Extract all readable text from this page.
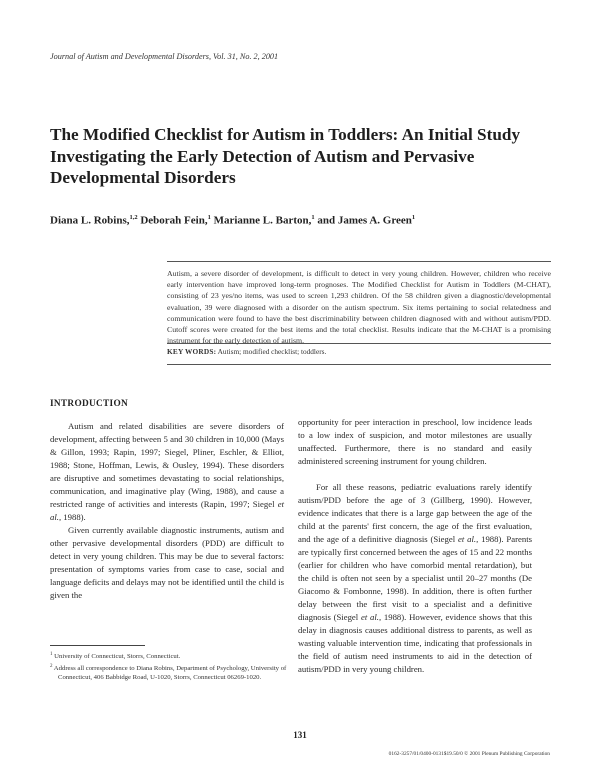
Journal of Autism and Developmental Disorders, Vol. 31, No. 2, 2001
The Modified Checklist for Autism in Toddlers: An Initial Study Investigating the Early Detection of Autism and Pervasive Developmental Disorders

Diana L. Robins,$^{1,2}$ Deborah Fein,$^1$ Marianne L. Barton,$^1$ and James A. Green$^1$

Autism, a severe disorder of development, is difficult to detect in very young children. However, children who receive early intervention have improved long-term prognoses. The Modified Checklist for Autism in Toddlers (M-CHAT), consisting of 23 yes/no items, was used to screen 1,293 children. Of the 58 children given a diagnostic/developmental evaluation, 39 were diagnosed with a disorder on the autism spectrum. Six items pertaining to social relatedness and communication were found to have the best discriminability between children diagnosed with and without autism/PDD. Cutoff scores were created for the best items and the total checklist. Results indicate that the M-CHAT is a promising instrument for the early detection of autism.

KEY WORDS: Autism; modified checklist; toddlers.
INTRODUCTION

Autism and related disabilities are severe disorders of development, affecting between 5 and 30 children in 10,000 (Mays & Gillon, 1993; Rapin, 1997; Siegel, Pliner, Eschler, & Elliot, 1988; Stone, Hoffman, Lewis, & Ousley, 1994). These disorders are disruptive and sometimes devastating to social relationships, communication, and imaginative play (Wing, 1988), and cause a restricted range of activities and interests (Rapin, 1997; Siegel et al., 1988).

Given currently available diagnostic instruments, autism and other pervasive developmental disorders (PDD) are difficult to detect in very young children. This may be due to several factors: presentation of symptoms varies from case to case, social and language deficits and delays may not be identified until the child is given the

opportunity for peer interaction in preschool, low incidence leads to a low index of suspicion, and motor milestones are usually unaffected. Furthermore, there is no standard and easily administered screening instrument for young children.

For all these reasons, pediatric evaluations rarely identify autism/PDD before the age of 3 (Gillberg, 1990). However, evidence indicates that there is a large gap between the age of the child at the parents' first concern, the age of the first evaluation, and the age of a definitive diagnosis (Siegel et al., 1988). Parents are typically first concerned between the ages of 15 and 22 months (earlier for children who have comorbid mental retardation), but the child is often not seen by a specialist until 20–27 months (De Giacomo & Fombonne, 1998). In addition, there is often further delay between the first visit to a specialist and a definitive diagnosis (Siegel et al., 1988). However, evidence shows that this delay in diagnosis causes additional distress to parents, as well as wasting valuable intervention time, indicating that professionals in the field of autism need instruments to aid in the detection of autism/PDD in very young children.

$^1$ University of Connecticut, Storrs, Connecticut.

$^2$ Address all correspondence to Diana Robins, Department of Psychology, University of Connecticut, 406 Babbidge Road, U-1020, Storrs, Connecticut 06269-1020.

131
0162-3257/01/0400-0131$19.50/0 © 2001 Plenum Publishing Corporation
